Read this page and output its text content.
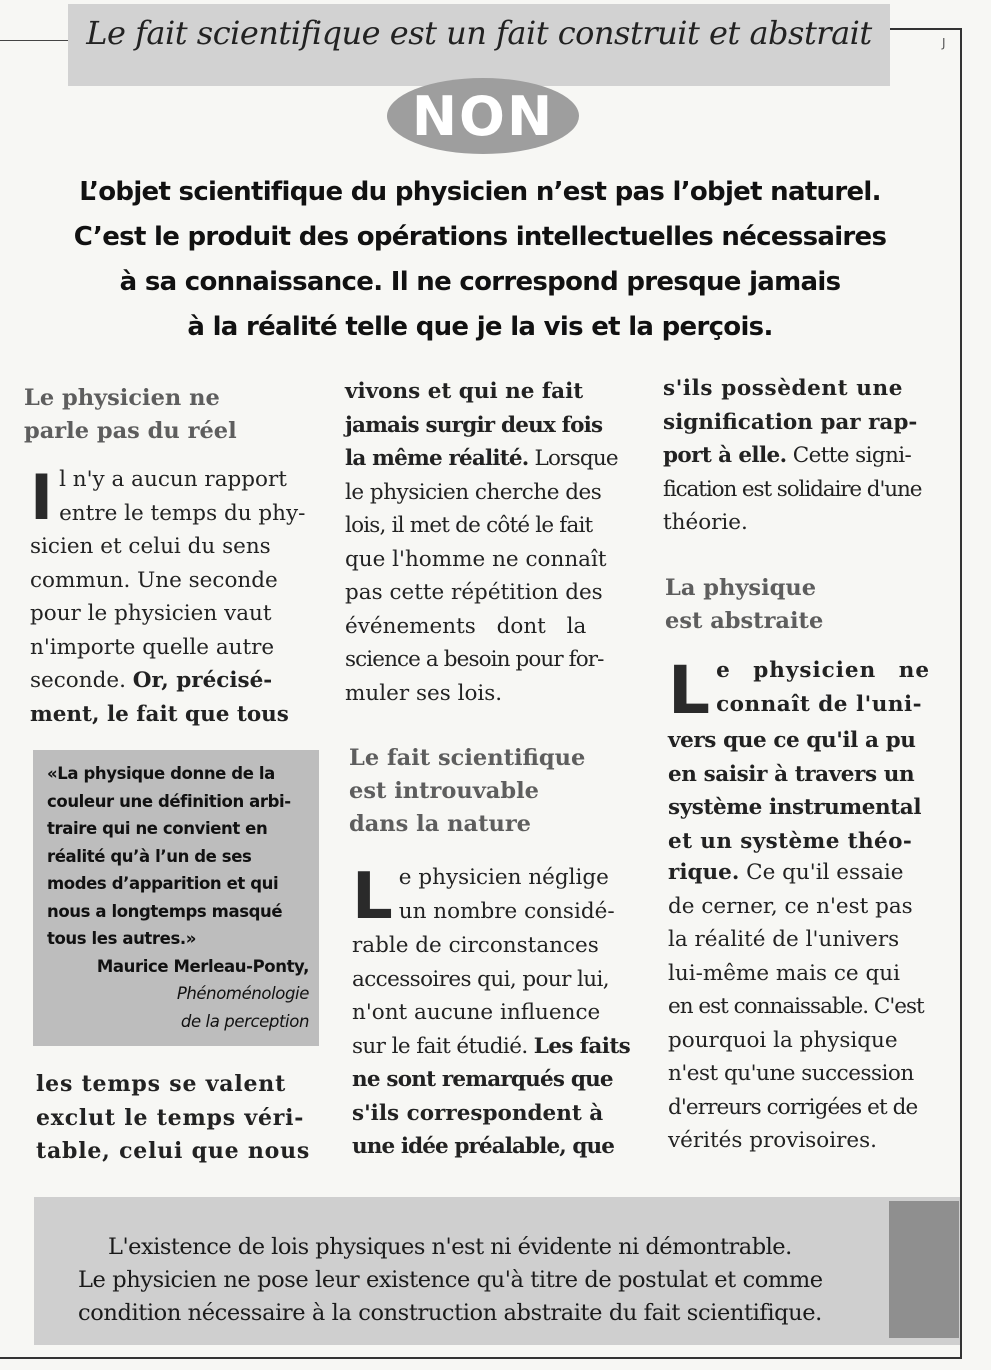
J
Le fait scientifique est un fait construit et abstrait
NON
L’objet scientifique du physicien n’est pas l’objet naturel.
C’est le produit des opérations intellectuelles nécessaires
à sa connaissance. Il ne correspond presque jamais
à la réalité telle que je la vis et la perçois.
Le physicien ne
parle pas du réel
I l n'y a aucun rapport
entre le temps du phy-
sicien et celui du sens
commun. Une seconde
pour le physicien vaut
n'importe quelle autre
seconde. Or, précisé-
ment, le fait que tous
«La physique donne de la
couleur une définition arbi-
traire qui ne convient en
réalité qu’à l’un de ses
modes d’apparition et qui
nous a longtemps masqué
tous les autres.»
Maurice Merleau-Ponty,
Phénoménologie
de la perception
les temps se valent
exclut le temps véri-
table, celui que nous
vivons et qui ne fait
jamais surgir deux fois
la même réalité. Lorsque
le physicien cherche des
lois, il met de côté le fait
que l'homme ne connaît
pas cette répétition des
événements dont la
science a besoin pour for-
muler ses lois.
Le fait scientifique
est introuvable
dans la nature
L e physicien néglige
un nombre considé-
rable de circonstances
accessoires qui, pour lui,
n'ont aucune influence
sur le fait étudié. Les faits
ne sont remarqués que
s'ils correspondent à
une idée préalable, que
s'ils possèdent une
signification par rap-
port à elle. Cette signi-
fication est solidaire d'une
théorie.
La physique
est abstraite
L e physicien ne
connaît de l'uni-
vers que ce qu'il a pu
en saisir à travers un
système instrumental
et un système théo-
rique. Ce qu'il essaie
de cerner, ce n'est pas
la réalité de l'univers
lui-même mais ce qui
en est connaissable. C'est
pourquoi la physique
n'est qu'une succession
d'erreurs corrigées et de
vérités provisoires.
L'existence de lois physiques n'est ni évidente ni démontrable.
Le physicien ne pose leur existence qu'à titre de postulat et comme
condition nécessaire à la construction abstraite du fait scientifique.
